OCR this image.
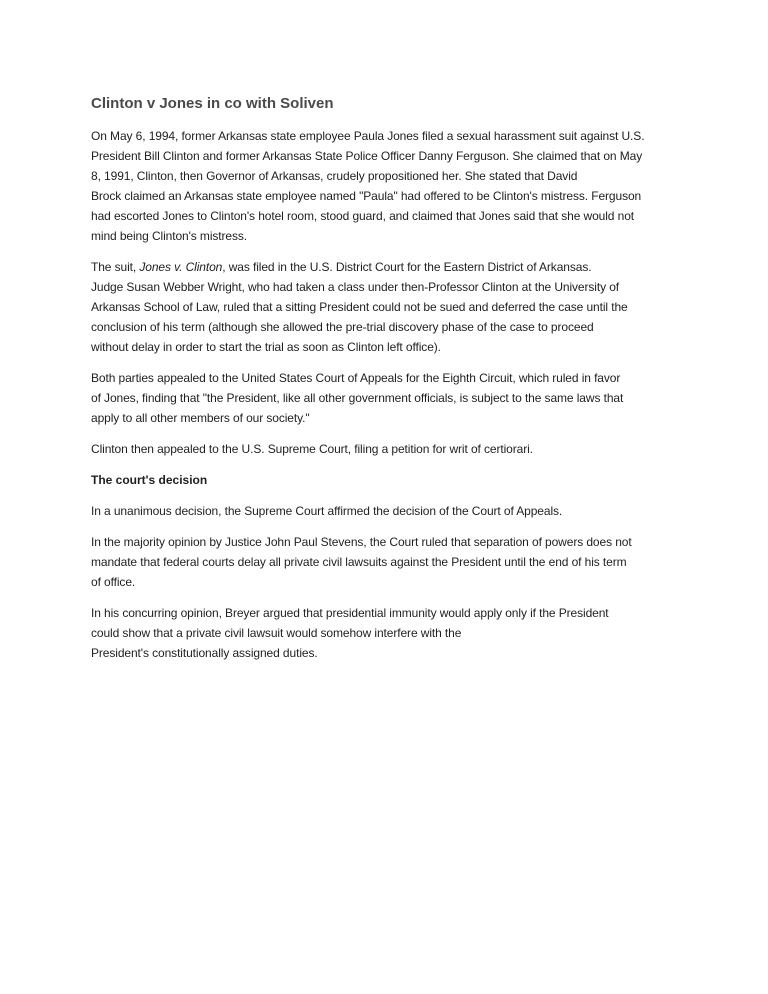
Clinton v Jones in co with Soliven

On May 6, 1994, former Arkansas state employee Paula Jones filed a sexual harassment suit against U.S.
President Bill Clinton and former Arkansas State Police Officer Danny Ferguson. She claimed that on May
8, 1991, Clinton, then Governor of Arkansas, crudely propositioned her. She stated that David
Brock claimed an Arkansas state employee named "Paula" had offered to be Clinton's mistress. Ferguson
had escorted Jones to Clinton's hotel room, stood guard, and claimed that Jones said that she would not
mind being Clinton's mistress.

The suit, Jones v. Clinton, was filed in the U.S. District Court for the Eastern District of Arkansas.
Judge Susan Webber Wright, who had taken a class under then-Professor Clinton at the University of
Arkansas School of Law, ruled that a sitting President could not be sued and deferred the case until the
conclusion of his term (although she allowed the pre-trial discovery phase of the case to proceed
without delay in order to start the trial as soon as Clinton left office).

Both parties appealed to the United States Court of Appeals for the Eighth Circuit, which ruled in favor
of Jones, finding that "the President, like all other government officials, is subject to the same laws that
apply to all other members of our society."

Clinton then appealed to the U.S. Supreme Court, filing a petition for writ of certiorari.

The court's decision

In a unanimous decision, the Supreme Court affirmed the decision of the Court of Appeals.

In the majority opinion by Justice John Paul Stevens, the Court ruled that separation of powers does not
mandate that federal courts delay all private civil lawsuits against the President until the end of his term
of office.

In his concurring opinion, Breyer argued that presidential immunity would apply only if the President
could show that a private civil lawsuit would somehow interfere with the
President's constitutionally assigned duties.
